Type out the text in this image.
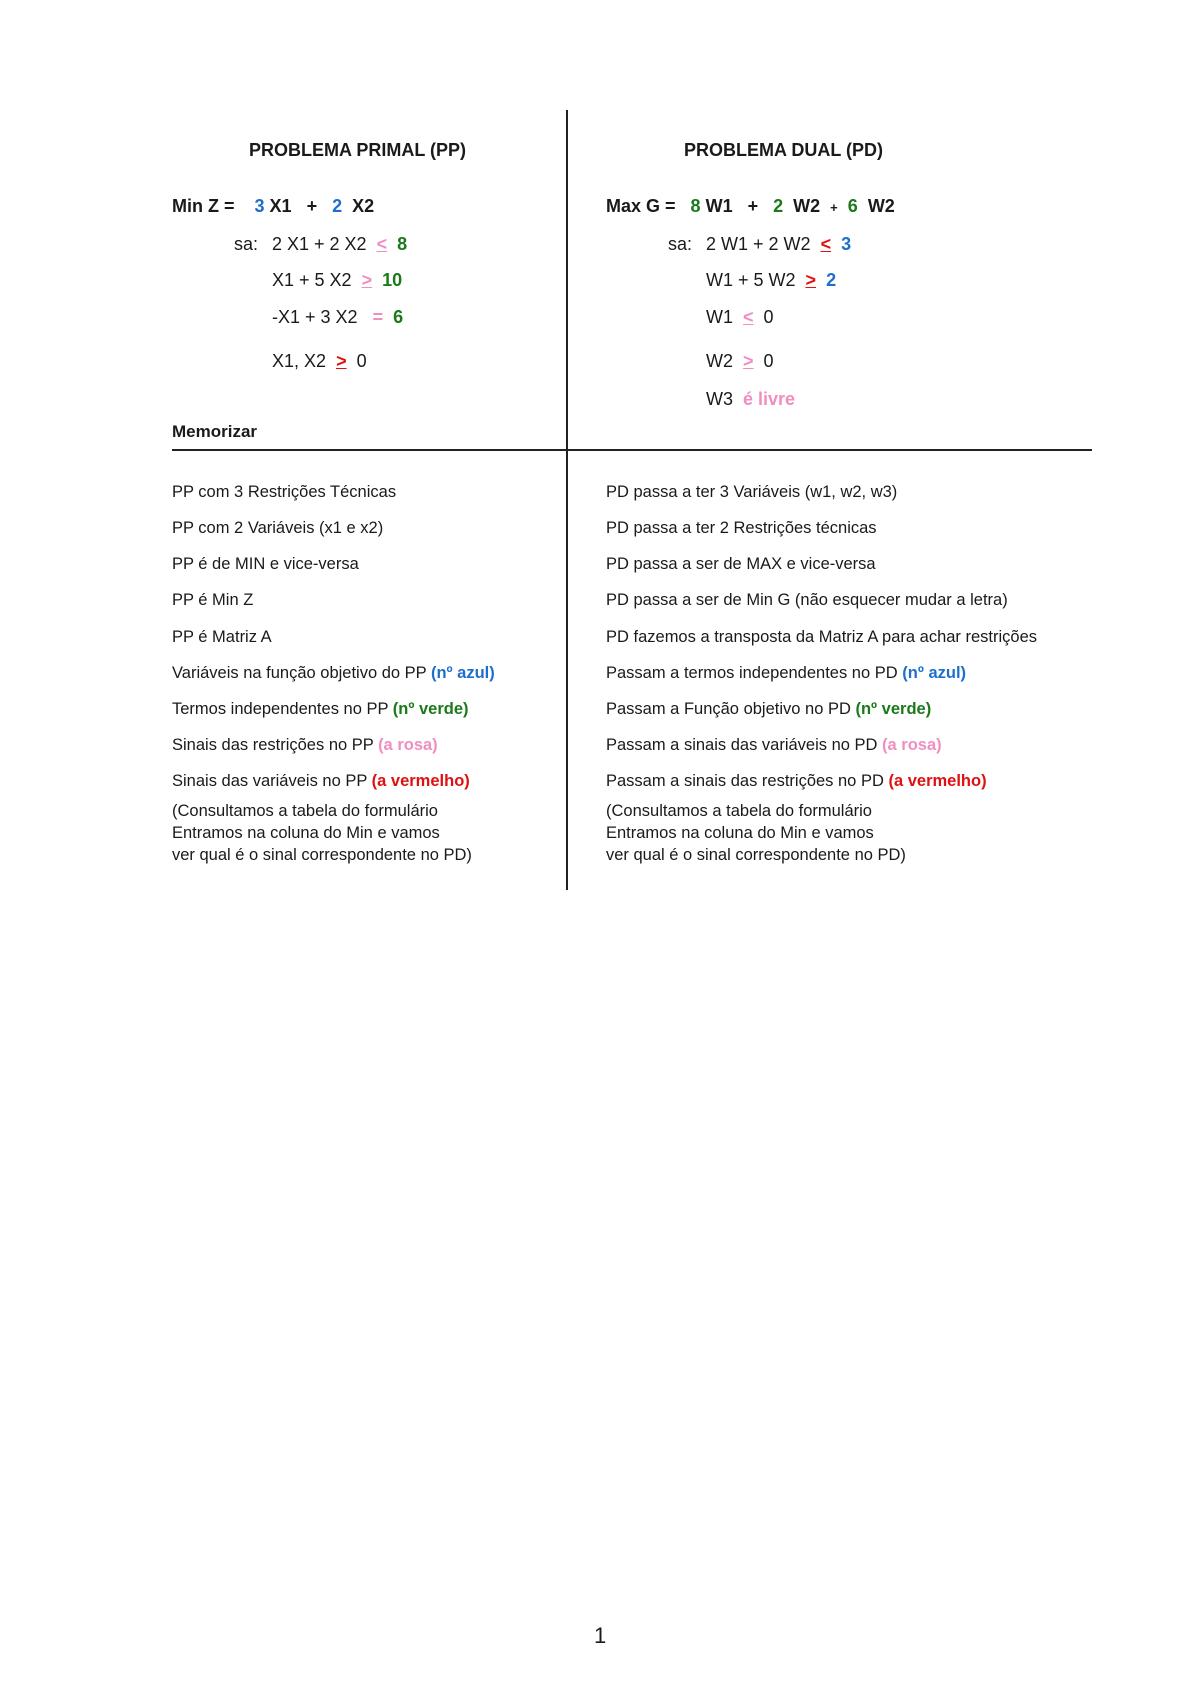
PROBLEMA PRIMAL (PP)
Min Z = 3 X1 + 2 X2
sa: 2 X1 + 2 X2 < 8
X1 + 5 X2 > 10
-X1 + 3 X2 = 6
X1, X2 > 0
PROBLEMA DUAL (PD)
Max G = 8 W1 + 2 W2 + 6 W2
sa: 2 W1 + 2 W2 < 3
W1 + 5 W2 > 2
W1 < 0
W2 > 0
W3 é livre
Memorizar
PP com 3 Restrições Técnicas
PP com 2 Variáveis (x1 e x2)
PP é de MIN e vice-versa
PP é Min Z
PP é Matriz A
Variáveis na função objetivo do PP (nº azul)
Termos independentes no PP (nº verde)
Sinais das restrições no PP (a rosa)
Sinais das variáveis no PP (a vermelho)
(Consultamos a tabela do formulário
Entramos na coluna do Min e vamos
ver qual é o sinal correspondente no PD)
PD passa a ter 3 Variáveis (w1, w2, w3)
PD passa a ter 2 Restrições técnicas
PD passa a ser de MAX e vice-versa
PD passa a ser de Min G (não esquecer mudar a letra)
PD fazemos a transposta da Matriz A para achar restrições
Passam a termos independentes no PD (nº azul)
Passam a Função objetivo no PD (nº verde)
Passam a sinais das variáveis no PD (a rosa)
Passam a sinais das restrições no PD (a vermelho)
(Consultamos a tabela do formulário
Entramos na coluna do Min e vamos
ver qual é o sinal correspondente no PD)
1
